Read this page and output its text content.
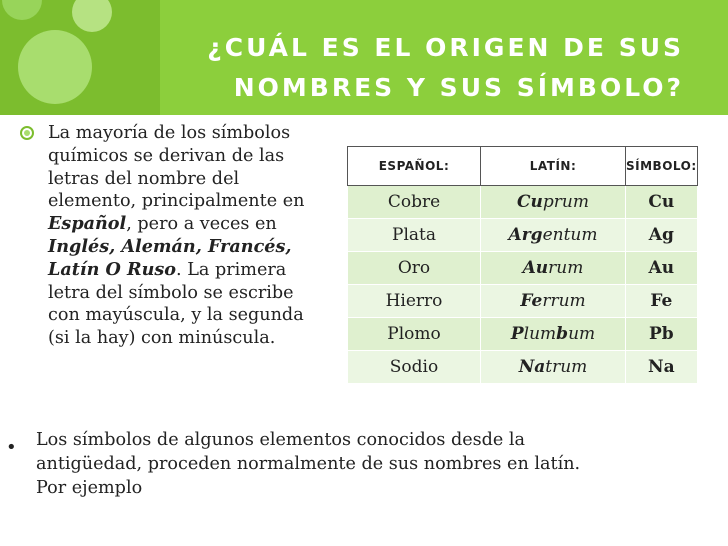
¿CUÁL ES EL ORIGEN DE SUS
NOMBRES Y SUS SÍMBOLO?
La mayoría de los símbolos
químicos se derivan de las
letras del nombre del
elemento, principalmente en
Español, pero a veces en
Inglés, Alemán, Francés,
Latín O Ruso. La primera
letra del símbolo se escribe
con mayúscula, y la segunda
(si la hay) con minúscula.
ESPAÑOL:	LATÍN:	SÍMBOLO:
Cobre	Cuprum	Cu
Plata	Argentum	Ag
Oro	Aurum	Au
Hierro	Ferrum	Fe
Plomo	Plumbum	Pb
Sodio	Natrum	Na
• Los símbolos de algunos elementos conocidos desde la
antigüedad, proceden normalmente de sus nombres en latín.
Por ejemplo
